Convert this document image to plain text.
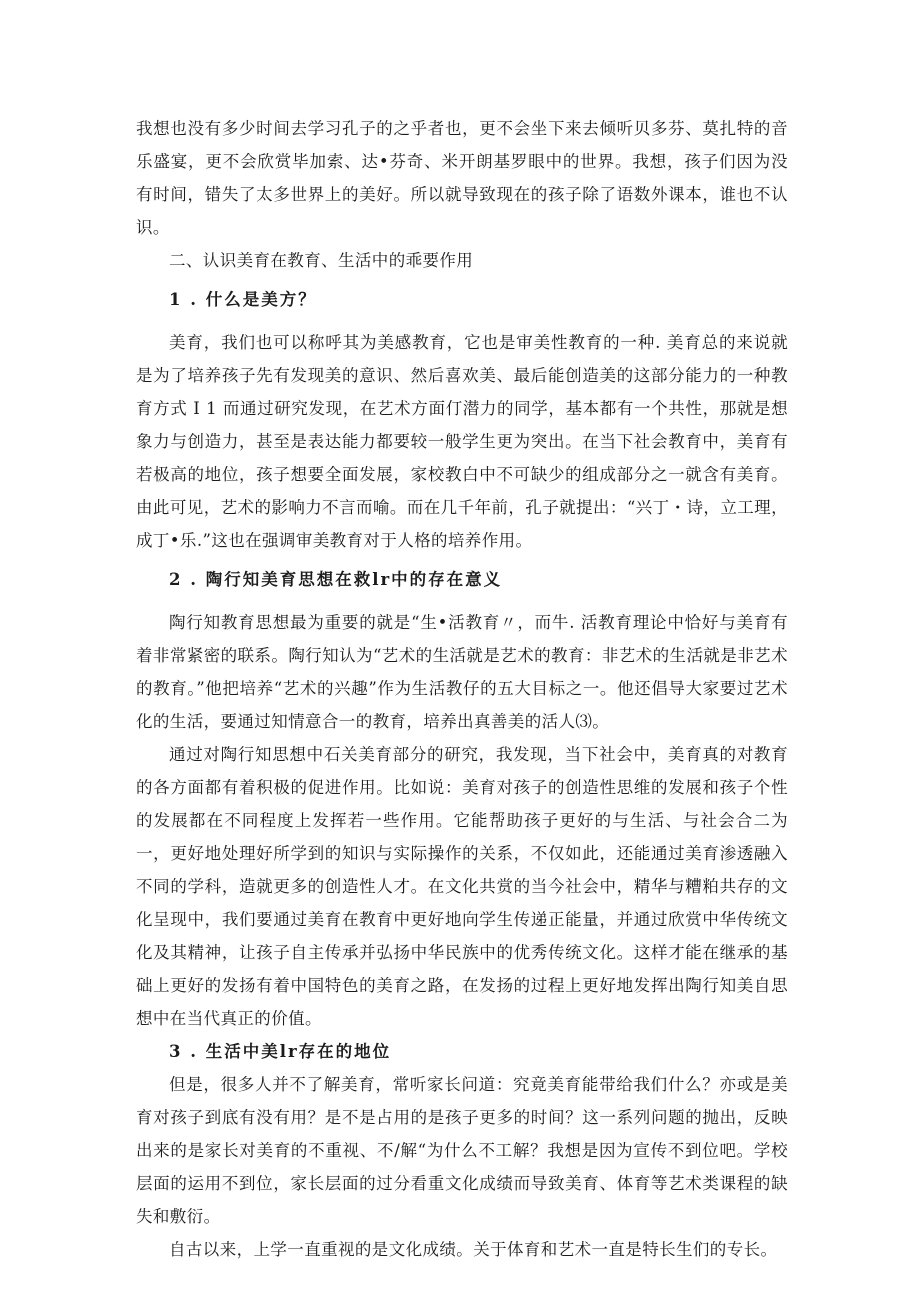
我想也没有多少时间去学习孔子的之乎者也，更不会坐下来去倾听贝多芬、莫扎特的音乐盛宴，更不会欣赏毕加索、达•芬奇、米开朗基罗眼中的世界。我想，孩子们因为没有时间，错失了太多世界上的美好。所以就导致现在的孩子除了语数外课本，谁也不认识。

二、认识美育在教育、生活中的乖要作用

1 . 什么是美方？

美育，我们也可以称呼其为美感教育，它也是审美性教育的一种. 美育总的来说就是为了培养孩子先有发现美的意识、然后喜欢美、最后能创造美的这部分能力的一种教育方式 I 1 而通过研究发现，在艺术方面仃潜力的同学，基本都有一个共性，那就是想象力与创造力，甚至是表达能力都要较一般学生更为突出。在当下社会教育中，美育有若极高的地位，孩子想要全面发展，家校教白中不可缺少的组成部分之一就含有美育。由此可见，艺术的影响力不言而喻。而在几千年前，孔子就提出：“兴丁・诗，立工理，成丁•乐.”这也在强调审美教育对于人格的培养作用。

2 . 陶行知美育思想在救lr中的存在意义

陶行知教育思想最为重要的就是“生•活教育〃，而牛. 活教育理论中恰好与美育有着非常紧密的联系。陶行知认为“艺术的生活就是艺术的教育：非艺术的生活就是非艺术的教育。”他把培养“艺术的兴趣”作为生活教仔的五大目标之一。他还倡导大家要过艺术化的生活，要通过知情意合一的教育，培养出真善美的活人⑶。

通过对陶行知思想中石关美育部分的研究，我发现，当下社会中，美育真的对教育的各方面都有着积极的促进作用。比如说：美育对孩子的创造性思维的发展和孩子个性的发展都在不同程度上发挥若一些作用。它能帮助孩子更好的与生活、与社会合二为一，更好地处理好所学到的知识与实际操作的关系，不仅如此，还能通过美育渗透融入不同的学科，造就更多的创造性人才。在文化共赏的当今社会中，精华与糟粕共存的文化呈现中，我们要通过美育在教育中更好地向学生传递正能量，并通过欣赏中华传统文化及其精神，让孩子自主传承并弘扬中华民族中的优秀传统文化。这样才能在继承的基础上更好的发扬有着中国特色的美育之路，在发扬的过程上更好地发挥出陶行知美自思想中在当代真正的价值。

3 . 生活中美lr存在的地位

但是，很多人并不了解美育，常听家长问道：究竟美育能带给我们什么？亦或是美育对孩子到底有没有用？是不是占用的是孩子更多的时间？这一系列问题的抛出，反映出来的是家长对美育的不重视、不/解“为什么不工解？我想是因为宣传不到位吧。学校层面的运用不到位，家长层面的过分看重文化成绩而导致美育、体育等艺术类课程的缺失和敷衍。

自古以来，上学一直重视的是文化成绩。关于体育和艺术一直是特长生们的专长。
